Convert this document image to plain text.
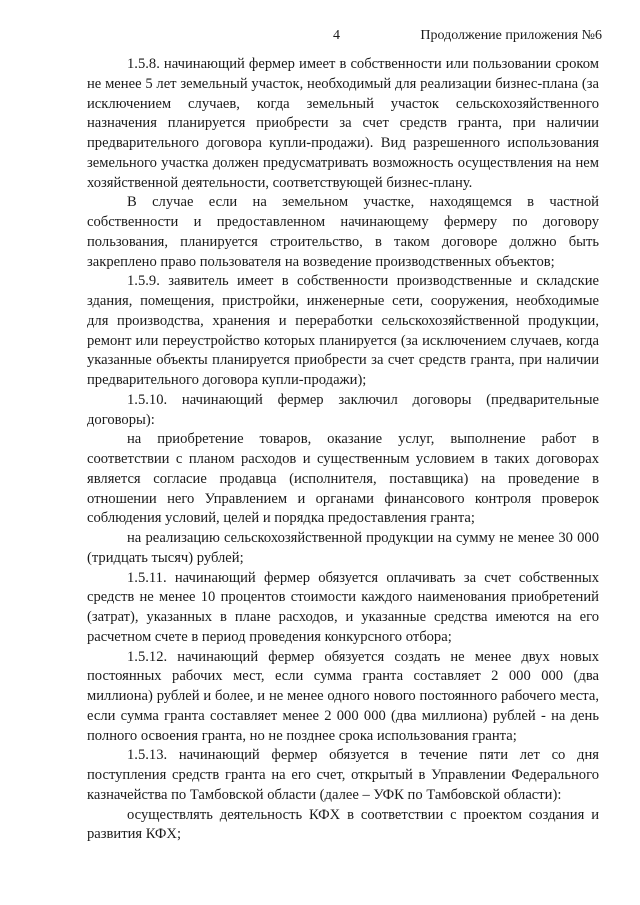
4	Продолжение приложения №6

1.5.8. начинающий фермер имеет в собственности или пользовании сроком не менее 5 лет земельный участок, необходимый для реализации бизнес-плана (за исключением случаев, когда земельный участок сельскохозяйственного назначения планируется приобрести за счет средств гранта, при наличии предварительного договора купли-продажи). Вид разрешенного использования земельного участка должен предусматривать возможность осуществления на нем хозяйственной деятельности, соответствующей бизнес-плану.

В случае если на земельном участке, находящемся в частной собственности и предоставленном начинающему фермеру по договору пользования, планируется строительство, в таком договоре должно быть закреплено право пользователя на возведение производственных объектов;

1.5.9. заявитель имеет в собственности производственные и складские здания, помещения, пристройки, инженерные сети, сооружения, необходимые для производства, хранения и переработки сельскохозяйственной продукции, ремонт или переустройство которых планируется (за исключением случаев, когда указанные объекты планируется приобрести за счет средств гранта, при наличии предварительного договора купли-продажи);

1.5.10. начинающий фермер заключил договоры (предварительные договоры):

на приобретение товаров, оказание услуг, выполнение работ в соответствии с планом расходов и существенным условием в таких договорах является согласие продавца (исполнителя, поставщика) на проведение в отношении него Управлением и органами финансового контроля проверок соблюдения условий, целей и порядка предоставления гранта;

на реализацию сельскохозяйственной продукции на сумму не менее 30 000 (тридцать тысяч) рублей;

1.5.11. начинающий фермер обязуется оплачивать за счет собственных средств не менее 10 процентов стоимости каждого наименования приобретений (затрат), указанных в плане расходов, и указанные средства имеются на его расчетном счете в период проведения конкурсного отбора;

1.5.12. начинающий фермер обязуется создать не менее двух новых постоянных рабочих мест, если сумма гранта составляет 2 000 000 (два миллиона) рублей и более, и не менее одного нового постоянного рабочего места, если сумма гранта составляет менее 2 000 000 (два миллиона) рублей - на день полного освоения гранта, но не позднее срока использования гранта;

1.5.13. начинающий фермер обязуется в течение пяти лет со дня поступления средств гранта на его счет, открытый в Управлении Федерального казначейства по Тамбовской области (далее – УФК по Тамбовской области):

осуществлять деятельность КФХ в соответствии с проектом создания и развития КФХ;
